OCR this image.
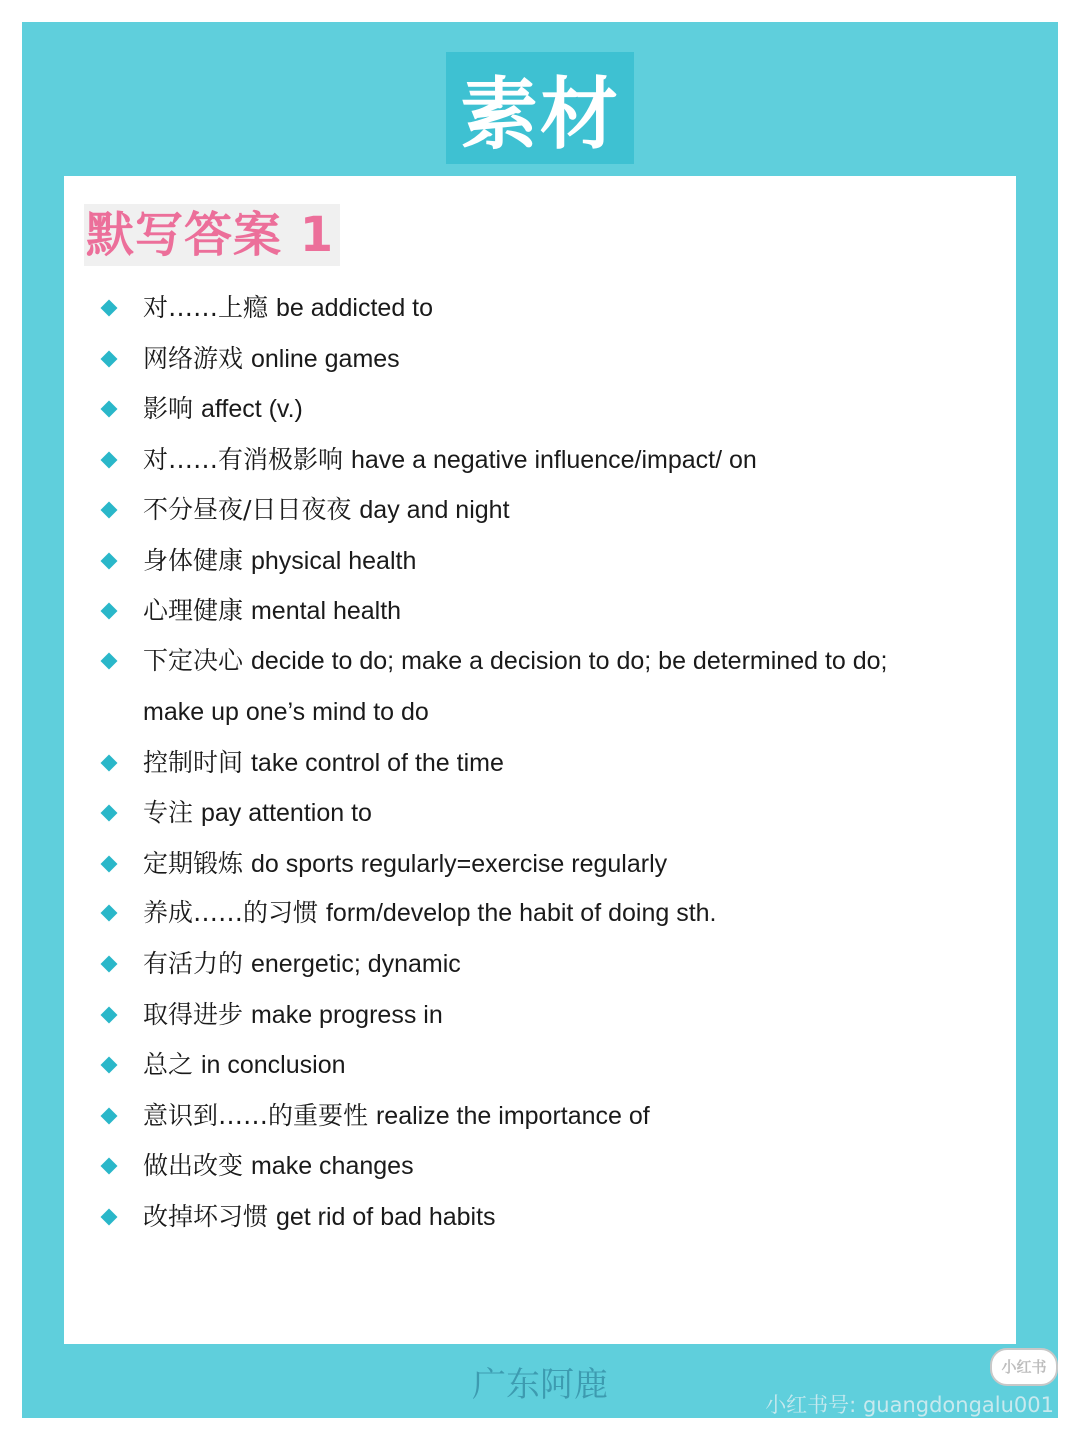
素材
默写答案 1
对……上瘾 be addicted to
网络游戏 online games
影响 affect (v.)
对……有消极影响 have a negative influence/impact/ on
不分昼夜/日日夜夜 day and night
身体健康 physical health
心理健康 mental health
下定决心 decide to do; make a decision to do; be determined to do;
make up one’s mind to do
控制时间 take control of the time
专注 pay attention to
定期锻炼 do sports regularly=exercise regularly
养成……的习惯 form/develop the habit of doing sth.
有活力的 energetic; dynamic
取得进步 make progress in
总之 in conclusion
意识到……的重要性 realize the importance of
做出改变 make changes
改掉坏习惯 get rid of bad habits
广东阿鹿	小红书
小红书号: guangdongalu001
